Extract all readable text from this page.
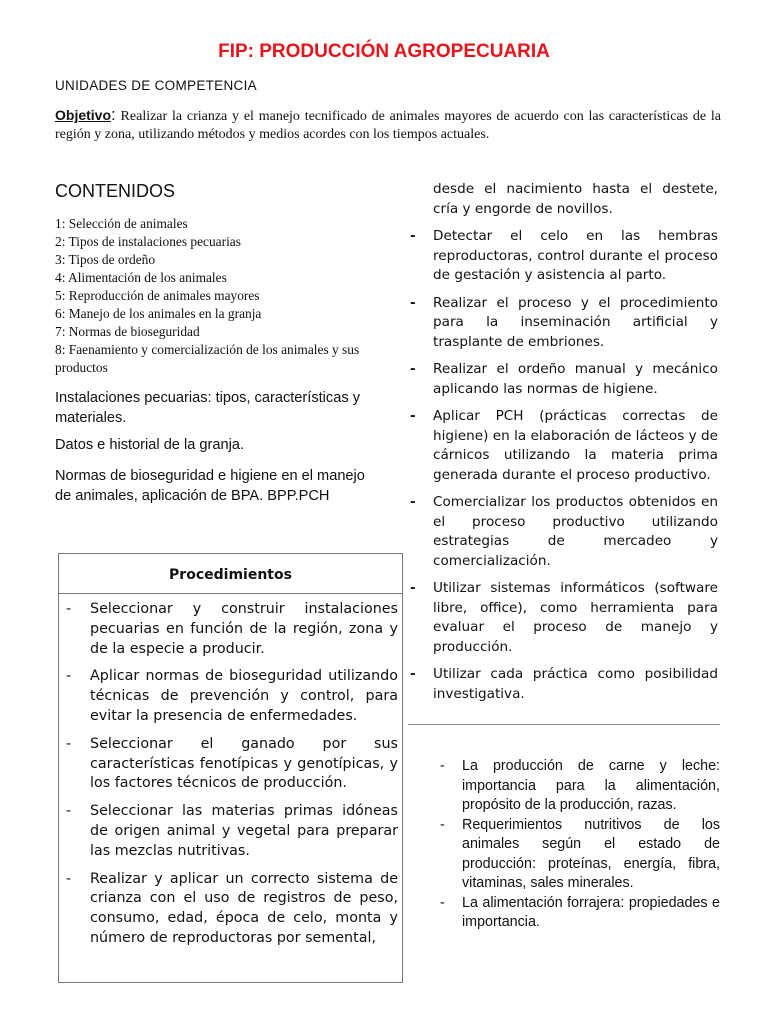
FIP: PRODUCCIÓN AGROPECUARIA
UNIDADES DE COMPETENCIA
Objetivo: Realizar la crianza y el manejo tecnificado de animales mayores de acuerdo con las características de la región y zona, utilizando métodos y medios acordes con los tiempos actuales.
CONTENIDOS
1: Selección de animales
2: Tipos de instalaciones pecuarias
3: Tipos de ordeño
4: Alimentación de los animales
5: Reproducción de animales mayores
6: Manejo de los animales en la granja
7: Normas de bioseguridad
8: Faenamiento y comercialización de los animales y sus productos

Instalaciones pecuarias: tipos, características y materiales.

Datos e historial de la granja.

Normas de bioseguridad e higiene en el manejo de animales, aplicación de BPA. BPP.PCH

Procedimientos
- Seleccionar y construir instalaciones pecuarias en función de la región, zona y de la especie a producir.
- Aplicar normas de bioseguridad utilizando técnicas de prevención y control, para evitar la presencia de enfermedades.
- Seleccionar el ganado por sus características fenotípicas y genotípicas, y los factores técnicos de producción.
- Seleccionar las materias primas idóneas de origen animal y vegetal para preparar las mezclas nutritivas.
- Realizar y aplicar un correcto sistema de crianza con el uso de registros de peso, consumo, edad, época de celo, monta y número de reproductoras por semental,
desde el nacimiento hasta el destete, cría y engorde de novillos.
- Detectar el celo en las hembras reproductoras, control durante el proceso de gestación y asistencia al parto.
- Realizar el proceso y el procedimiento para la inseminación artificial y trasplante de embriones.
- Realizar el ordeño manual y mecánico aplicando las normas de higiene.
- Aplicar PCH (prácticas correctas de higiene) en la elaboración de lácteos y de cárnicos utilizando la materia prima generada durante el proceso productivo.
- Comercializar los productos obtenidos en el proceso productivo utilizando estrategias de mercadeo y comercialización.
- Utilizar sistemas informáticos (software libre, office), como herramienta para evaluar el proceso de manejo y producción.
- Utilizar cada práctica como posibilidad investigativa.
- La producción de carne y leche: importancia para la alimentación, propósito de la producción, razas.
- Requerimientos nutritivos de los animales según el estado de producción: proteínas, energía, fibra, vitaminas, sales minerales.
- La alimentación forrajera: propiedades e importancia.
